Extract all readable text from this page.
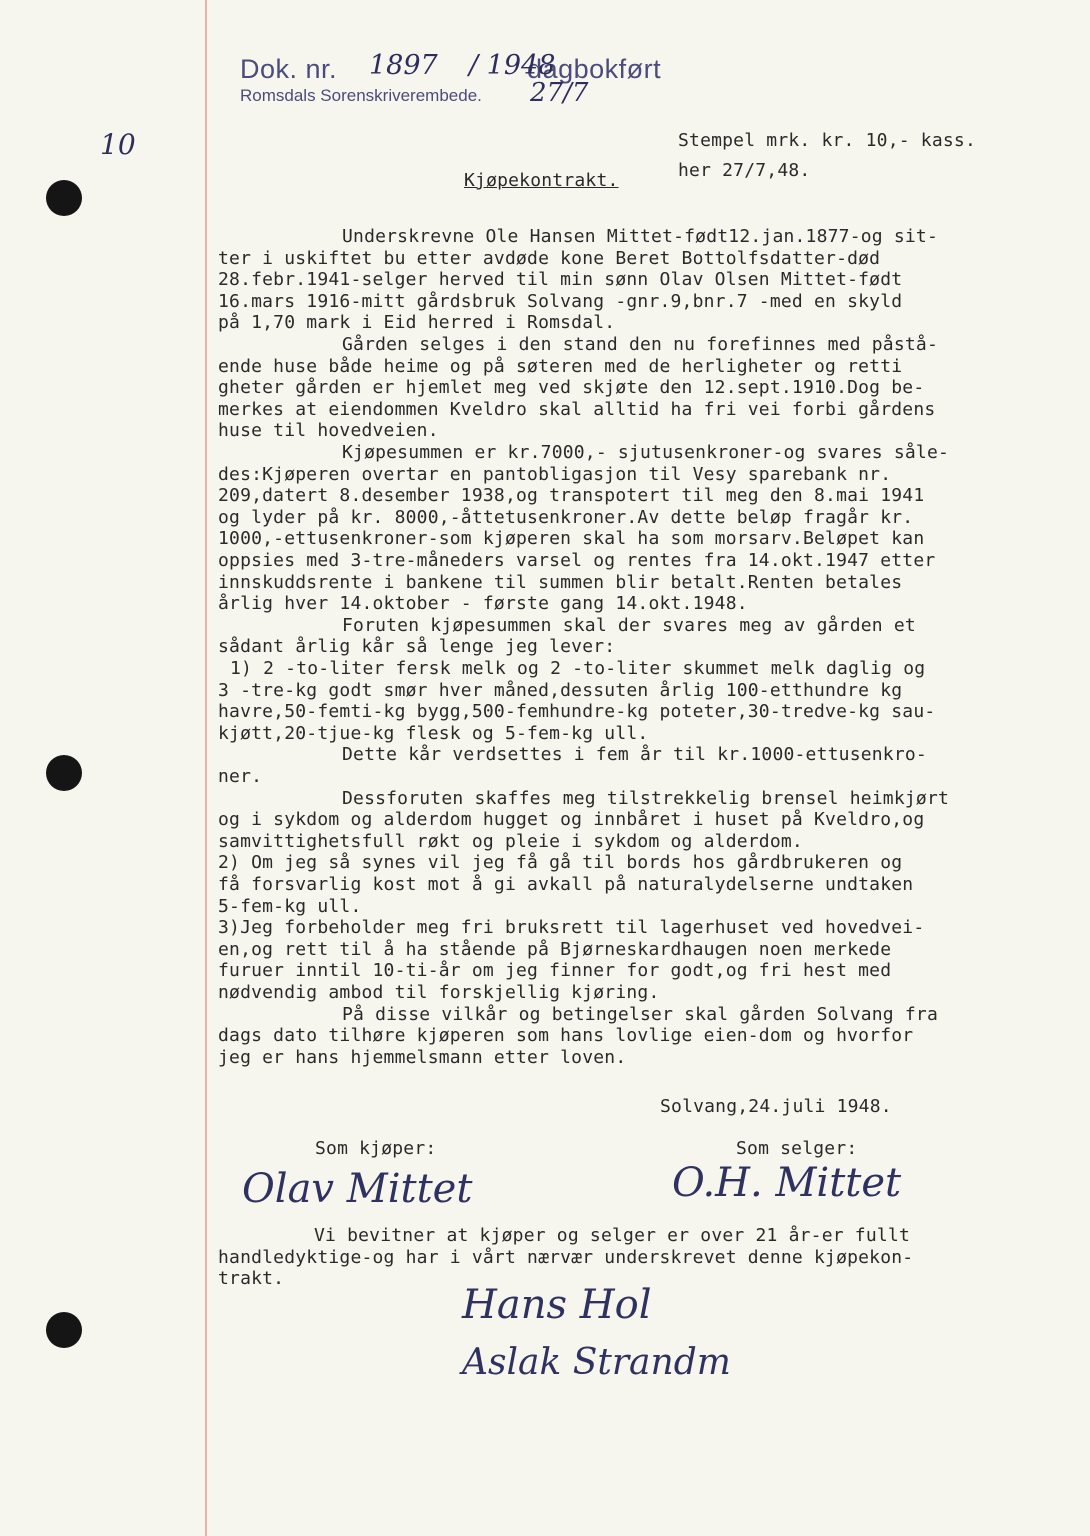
Dok. nr.	dagbokført
1897 / 1948
Romsdals Sorenskriverembede. 27/7
10	Stempel mrk. kr. 10,- kass.
her 27/7,48.
Kjøpekontrakt.
Underskrevne Ole Hansen Mittet-født12.jan.1877-og sit-
ter i uskiftet bu etter avdøde kone Beret Bottolfsdatter-død
28.febr.1941-selger herved til min sønn Olav Olsen Mittet-født
16.mars 1916-mitt gårdsbruk Solvang -gnr.9,bnr.7 -med en skyld
på 1,70 mark i Eid herred i Romsdal.
Gården selges i den stand den nu forefinnes med påstå-
ende huse både heime og på søteren med de herligheter og retti
gheter gården er hjemlet meg ved skjøte den 12.sept.1910.Dog be-
merkes at eiendommen Kveldro skal alltid ha fri vei forbi gårdens
huse til hovedveien.
Kjøpesummen er kr.7000,- sjutusenkroner-og svares såle-
des:Kjøperen overtar en pantobligasjon til Vesy sparebank nr.
209,datert 8.desember 1938,og transpotert til meg den 8.mai 1941
og lyder på kr. 8000,-åttetusenkroner.Av dette beløp fragår kr.
1000,-ettusenkroner-som kjøperen skal ha som morsarv.Beløpet kan
oppsies med 3-tre-måneders varsel og rentes fra 14.okt.1947 etter
innskuddsrente i bankene til summen blir betalt.Renten betales
årlig hver 14.oktober - første gang 14.okt.1948.
Foruten kjøpesummen skal der svares meg av gården et
sådant årlig kår så lenge jeg lever:
1) 2 -to-liter fersk melk og 2 -to-liter skummet melk daglig og
3 -tre-kg godt smør hver måned,dessuten årlig 100-etthundre kg
havre,50-femti-kg bygg,500-femhundre-kg poteter,30-tredve-kg sau-
kjøtt,20-tjue-kg flesk og 5-fem-kg ull.
Dette kår verdsettes i fem år til kr.1000-ettusenkro-
ner.
Dessforuten skaffes meg tilstrekkelig brensel heimkjørt
og i sykdom og alderdom hugget og innbåret i huset på Kveldro,og
samvittighetsfull røkt og pleie i sykdom og alderdom.
2) Om jeg så synes vil jeg få gå til bords hos gårdbrukeren og
få forsvarlig kost mot å gi avkall på naturalydelserne undtaken
5-fem-kg ull.
3)Jeg forbeholder meg fri bruksrett til lagerhuset ved hovedvei-
en,og rett til å ha stående på Bjørneskardhaugen noen merkede
furuer inntil 10-ti-år om jeg finner for godt,og fri hest med
nødvendig ambod til forskjellig kjøring.
På disse vilkår og betingelser skal gården Solvang fra
dags dato tilhøre kjøperen som hans lovlige eien-dom og hvorfor
jeg er hans hjemmelsmann etter loven.
Solvang,24.juli 1948.
Som kjøper:	Som selger:
Olav Mittet	O.H. Mittet
Vi bevitner at kjøper og selger er over 21 år-er fullt
handledyktige-og har i vårt nærvær underskrevet denne kjøpekon-
trakt.
Hans Hol
Aslak Strandm
